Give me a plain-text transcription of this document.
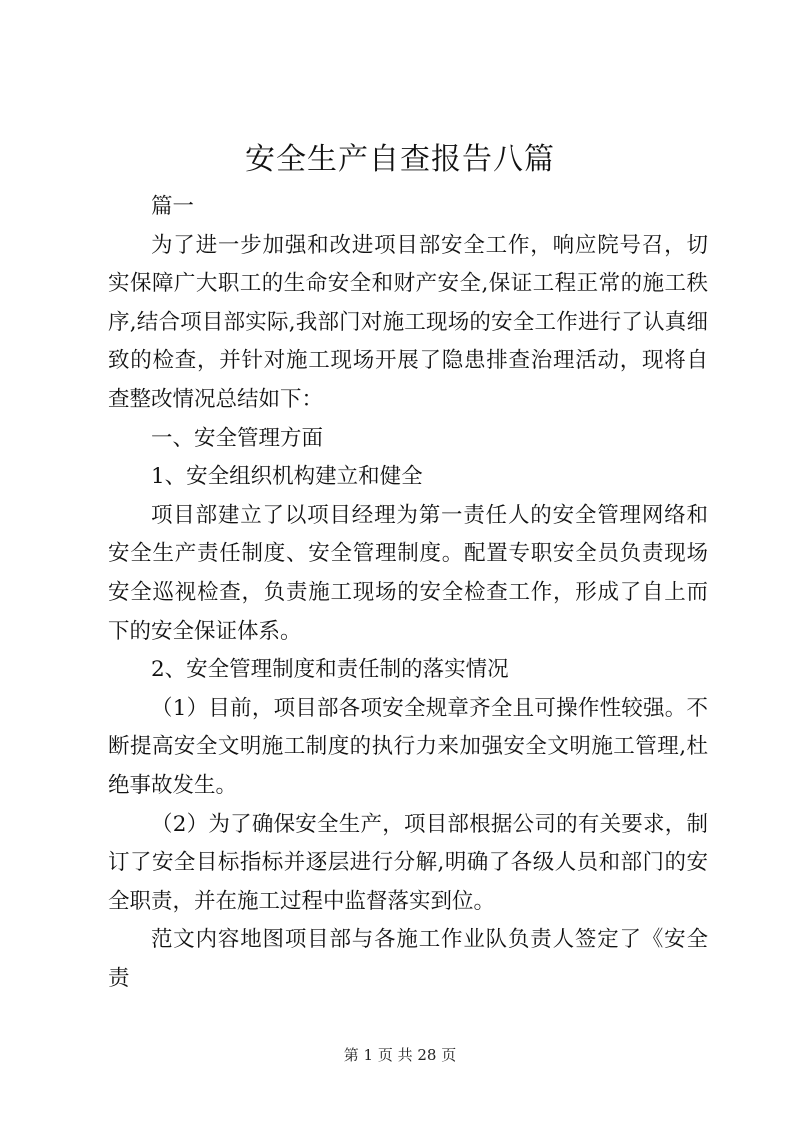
安全生产自查报告八篇

篇一

为了进一步加强和改进项目部安全工作，响应院号召，切实保障广大职工的生命安全和财产安全,保证工程正常的施工秩序,结合项目部实际,我部门对施工现场的安全工作进行了认真细致的检查，并针对施工现场开展了隐患排查治理活动，现将自查整改情况总结如下：

一、安全管理方面

1、安全组织机构建立和健全

项目部建立了以项目经理为第一责任人的安全管理网络和安全生产责任制度、安全管理制度。配置专职安全员负责现场安全巡视检查，负责施工现场的安全检查工作，形成了自上而下的安全保证体系。

2、安全管理制度和责任制的落实情况

（1）目前，项目部各项安全规章齐全且可操作性较强。不断提高安全文明施工制度的执行力来加强安全文明施工管理,杜绝事故发生。

（2）为了确保安全生产，项目部根据公司的有关要求，制订了安全目标指标并逐层进行分解,明确了各级人员和部门的安全职责，并在施工过程中监督落实到位。

范文内容地图项目部与各施工作业队负责人签定了《安全责

第 1 页 共 28 页
